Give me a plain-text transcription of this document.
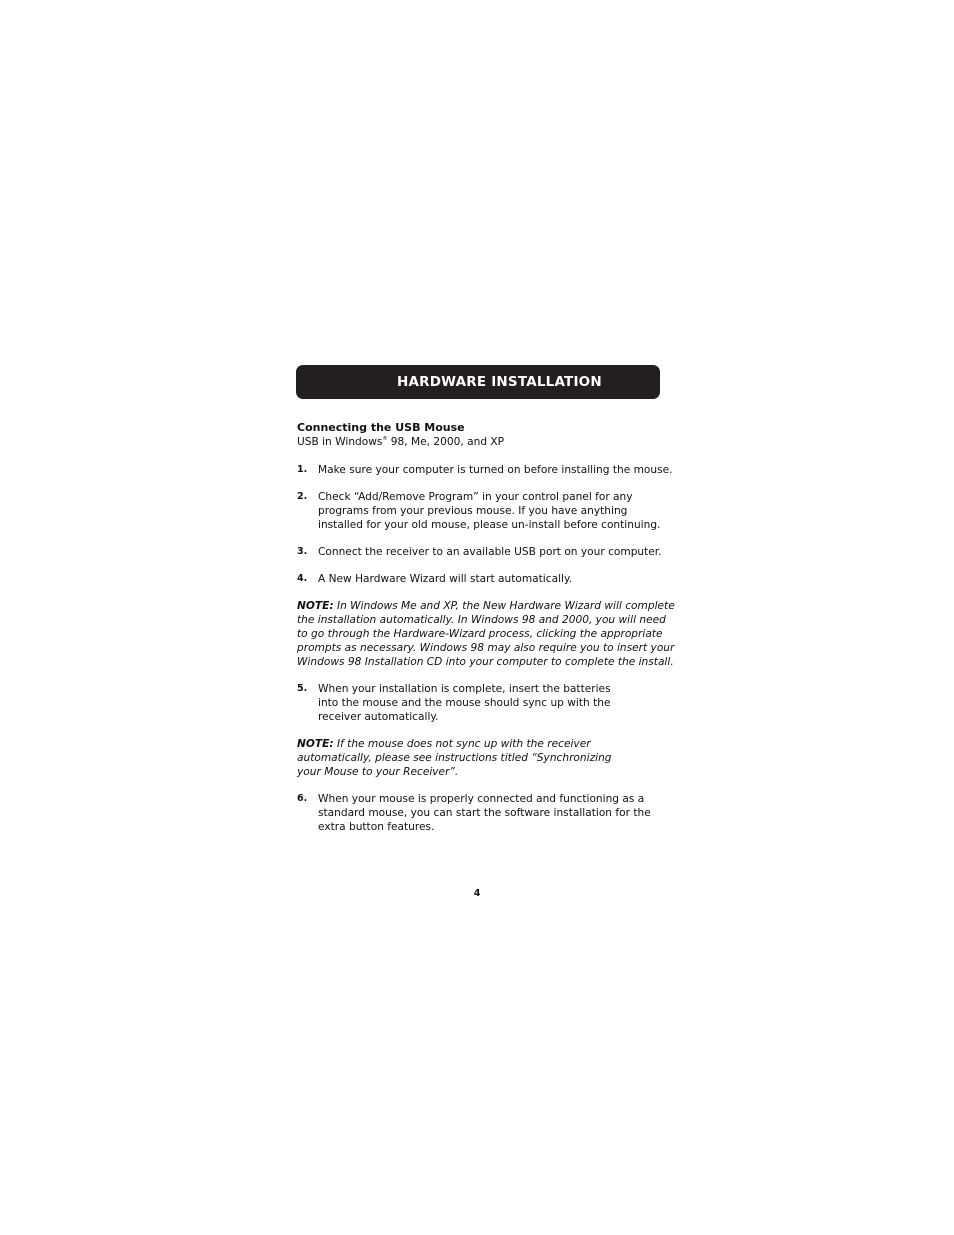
HARDWARE INSTALLATION
Connecting the USB Mouse
USB in Windows® 98, Me, 2000, and XP
1.	Make sure your computer is turned on before installing the mouse.
2.	Check “Add/Remove Program” in your control panel for any
programs from your previous mouse. If you have anything
installed for your old mouse, please un-install before continuing.
3.	Connect the receiver to an available USB port on your computer.
4.	A New Hardware Wizard will start automatically.
NOTE: In Windows Me and XP, the New Hardware Wizard will complete
the installation automatically. In Windows 98 and 2000, you will need
to go through the Hardware-Wizard process, clicking the appropriate
prompts as necessary. Windows 98 may also require you to insert your
Windows 98 Installation CD into your computer to complete the install.
5.	When your installation is complete, insert the batteries
into the mouse and the mouse should sync up with the
receiver automatically.
NOTE: If the mouse does not sync up with the receiver
automatically, please see instructions titled “Synchronizing
your Mouse to your Receiver”.
6.	When your mouse is properly connected and functioning as a
standard mouse, you can start the software installation for the
extra button features.
4
